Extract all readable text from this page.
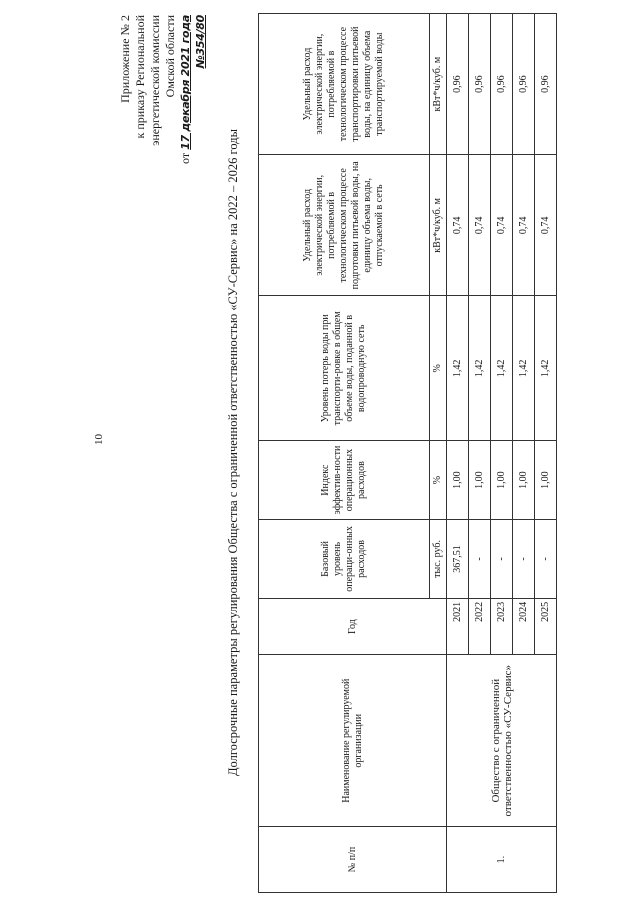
10
Приложение № 2 к приказу Региональной энергетической комиссии Омской области
от 17 декабря 2021 года №354/80
Долгосрочные параметры регулирования Общества с ограниченной ответственностью «СУ-Сервис» на 2022 – 2026 годы
№ п/п	Наименование регулируемой организации	Год	Базовый уровень операци-онных расходов	Индекс эффектив-ности операционных расходов	Уровень потерь воды при транспорти-ровке в общем объеме воды, поданной в водопроводную сеть	Удельный расход электрической энергии, потребляемой в технологическом процессе подготовки питьевой воды, на единицу объема воды, отпускаемой в сеть	Удельный расход электрической энергии, потребляемой в технологическом процессе транспортировки питьевой воды, на единицу объема транспортируемой воды
			тыс. руб.	%	%	кВт*ч/куб. м	кВт*ч/куб. м
1.	Общество с ограниченной ответственностью «СУ-Сервис»	2021	367,51	1,00	1,42	0,74	0,96
		2022	-	1,00	1,42	0,74	0,96
		2023	-	1,00	1,42	0,74	0,96
		2024	-	1,00	1,42	0,74	0,96
		2025	-	1,00	1,42	0,74	0,96
